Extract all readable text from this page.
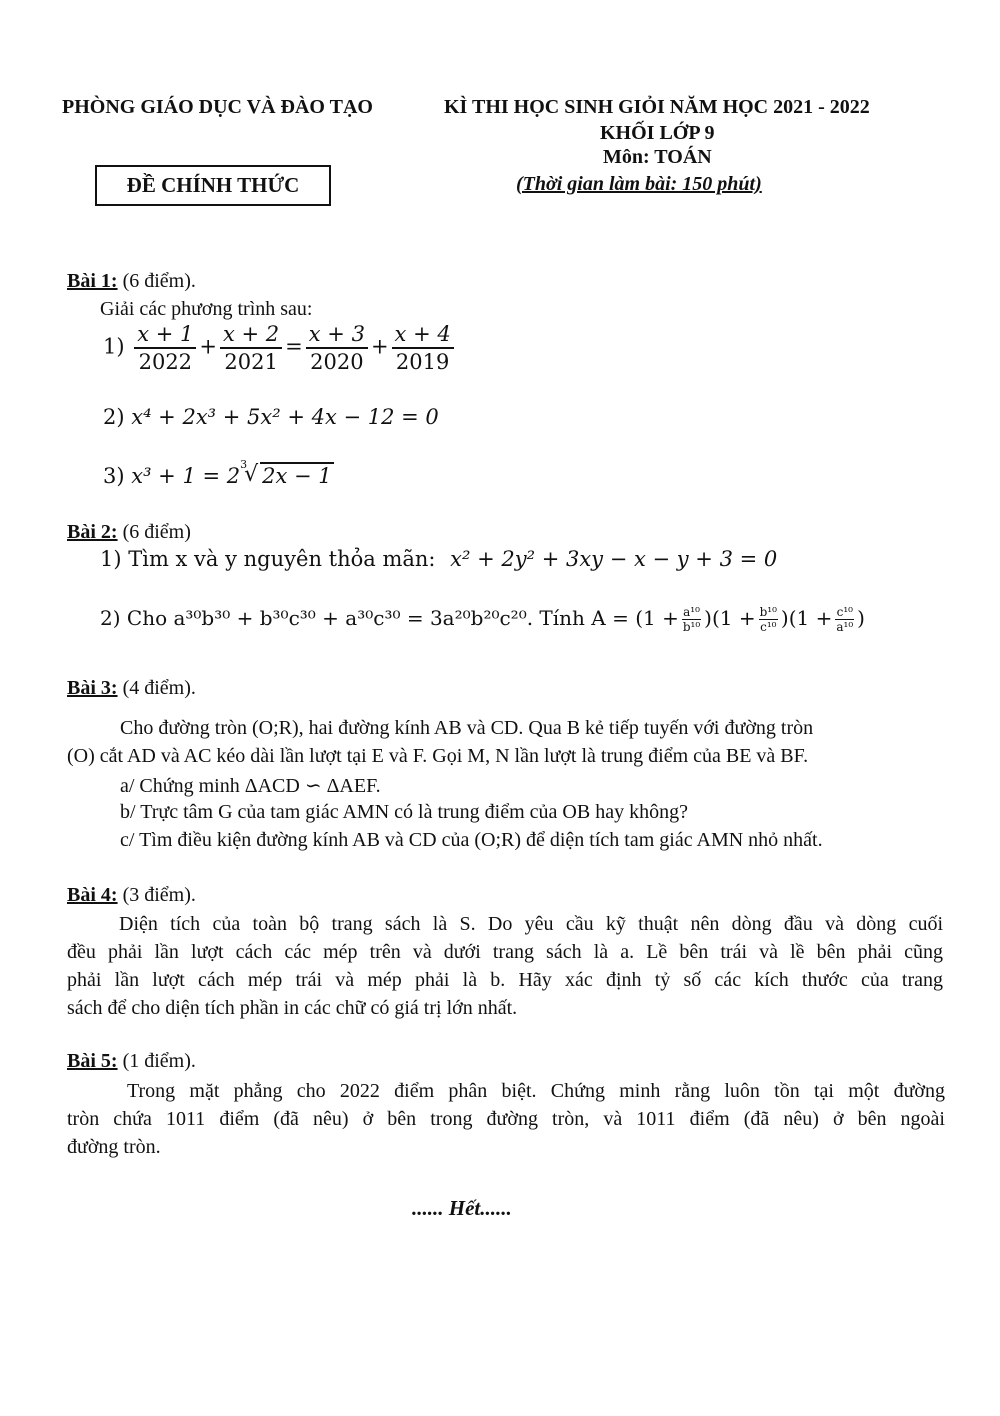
PHÒNG GIÁO DỤC VÀ ĐÀO TẠO	KÌ THI HỌC SINH GIỎI NĂM HỌC 2021 - 2022
KHỐI LỚP 9
Môn: TOÁN
ĐỀ CHÍNH THỨC	(Thời gian làm bài: 150 phút)
Bài 1: (6 điểm).
Giải các phương trình sau:
$1) \frac{x + 1}{2022} + \frac{x + 2}{2021} = \frac{x + 3}{2020} + \frac{x + 4}{2019}$
2) x⁴ + 2x³ + 5x² + 4x − 12 = 0
3) x³ + 1 = 2 3
√ 2x − 1
Bài 2: (6 điểm)
1) Tìm x và y nguyên thỏa mãn: x² + 2y² + 3xy − x − y + 3 = 0
2) Cho a³⁰b³⁰ + b³⁰c³⁰ + a³⁰c³⁰ = 3a²⁰b²⁰c²⁰. Tính $A = (1 + \frac{\text{a¹⁰}}{\text{b¹⁰}} )(1 + \frac{\text{b¹⁰}}{\text{c¹⁰}} )(1 + \frac{\text{c¹⁰}}{\text{a¹⁰}}$ )
Bài 3: (4 điểm).
Cho đường tròn (O;R), hai đường kính AB và CD. Qua B kẻ tiếp tuyến với đường tròn
(O) cắt AD và AC kéo dài lần lượt tại E và F. Gọi M, N lần lượt là trung điểm của BE và BF.
a/ Chứng minh ΔACD ∽ ΔAEF.
b/ Trực tâm G của tam giác AMN có là trung điểm của OB hay không?
c/ Tìm điều kiện đường kính AB và CD của (O;R) để diện tích tam giác AMN nhỏ nhất.
Bài 4: (3 điểm).
Diện tích của toàn bộ trang sách là S. Do yêu cầu kỹ thuật nên dòng đầu và dòng cuối
đều phải lần lượt cách các mép trên và dưới trang sách là a. Lề bên trái và lề bên phải cũng
phải lần lượt cách mép trái và mép phải là b. Hãy xác định tỷ số các kích thước của trang
sách để cho diện tích phần in các chữ có giá trị lớn nhất.
Bài 5: (1 điểm).
Trong mặt phẳng cho 2022 điểm phân biệt. Chứng minh rằng luôn tồn tại một đường
tròn chứa 1011 điểm (đã nêu) ở bên trong đường tròn, và 1011 điểm (đã nêu) ở bên ngoài
đường tròn.
...... Hết......
